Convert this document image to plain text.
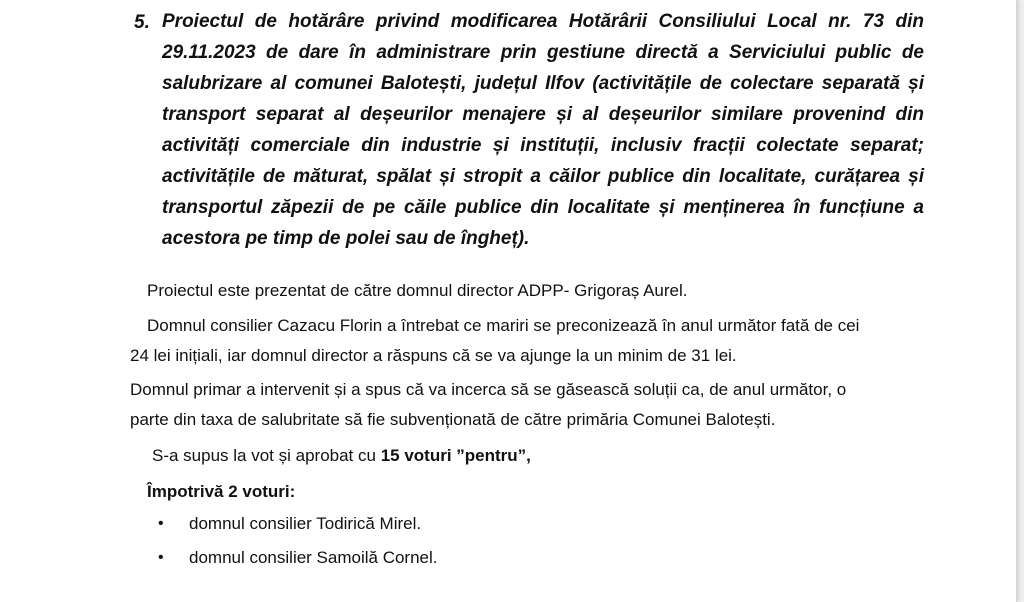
5. Proiectul de hotărâre privind modificarea Hotărârii Consiliului Local nr. 73 din 29.11.2023 de dare în administrare prin gestiune directă a Serviciului public de salubrizare al comunei Balotești, județul Ilfov (activitățile de colectare separată și transport separat al deșeurilor menajere și al deșeurilor similare provenind din activități comerciale din industrie și instituții, inclusiv fracții colectate separat; activitățile de măturat, spălat și stropit a căilor publice din localitate, curățarea și transportul zăpezii de pe căile publice din localitate și menținerea în funcțiune a acestora pe timp de polei sau de îngheț).
Proiectul este prezentat de către domnul director ADPP- Grigoraș Aurel.
Domnul consilier Cazacu Florin a întrebat ce mariri se preconizează în anul următor fată de cei
24 lei inițiali, iar domnul director a răspuns că se va ajunge la un minim de 31 lei.
Domnul primar a intervenit și a spus că va incerca să se găsească soluții ca, de anul următor, o
parte din taxa de salubritate să fie subvenționată de către primăria Comunei Balotești.
S-a supus la vot și aprobat cu 15 voturi ”pentru”,
Împotrivă 2 voturi:
• domnul consilier Todirică Mirel.
• domnul consilier Samoilă Cornel.
